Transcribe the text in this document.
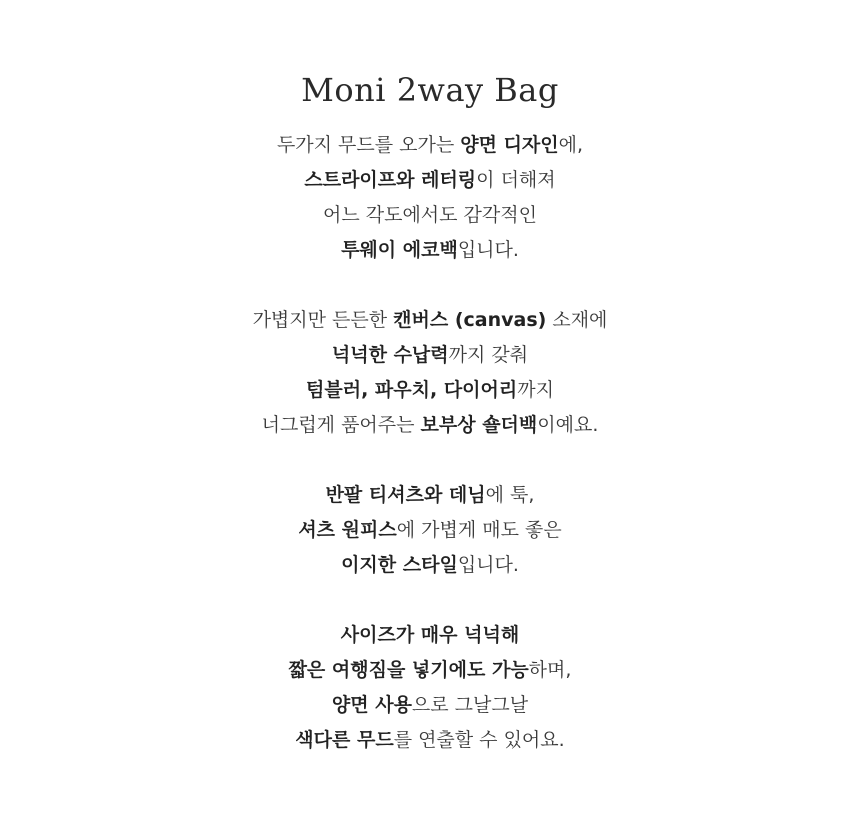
Moni 2way Bag
두가지 무드를 오가는 양면 디자인에,
스트라이프와 레터링이 더해져
어느 각도에서도 감각적인
투웨이 에코백입니다.
가볍지만 든든한 캔버스 (canvas) 소재에
넉넉한 수납력까지 갖춰
텀블러, 파우치, 다이어리까지
너그럽게 품어주는 보부상 숄더백이예요.
반팔 티셔츠와 데님에 툭,
셔츠 원피스에 가볍게 매도 좋은
이지한 스타일입니다.
사이즈가 매우 넉넉해
짧은 여행짐을 넣기에도 가능하며,
양면 사용으로 그날그날
색다른 무드를 연출할 수 있어요.
